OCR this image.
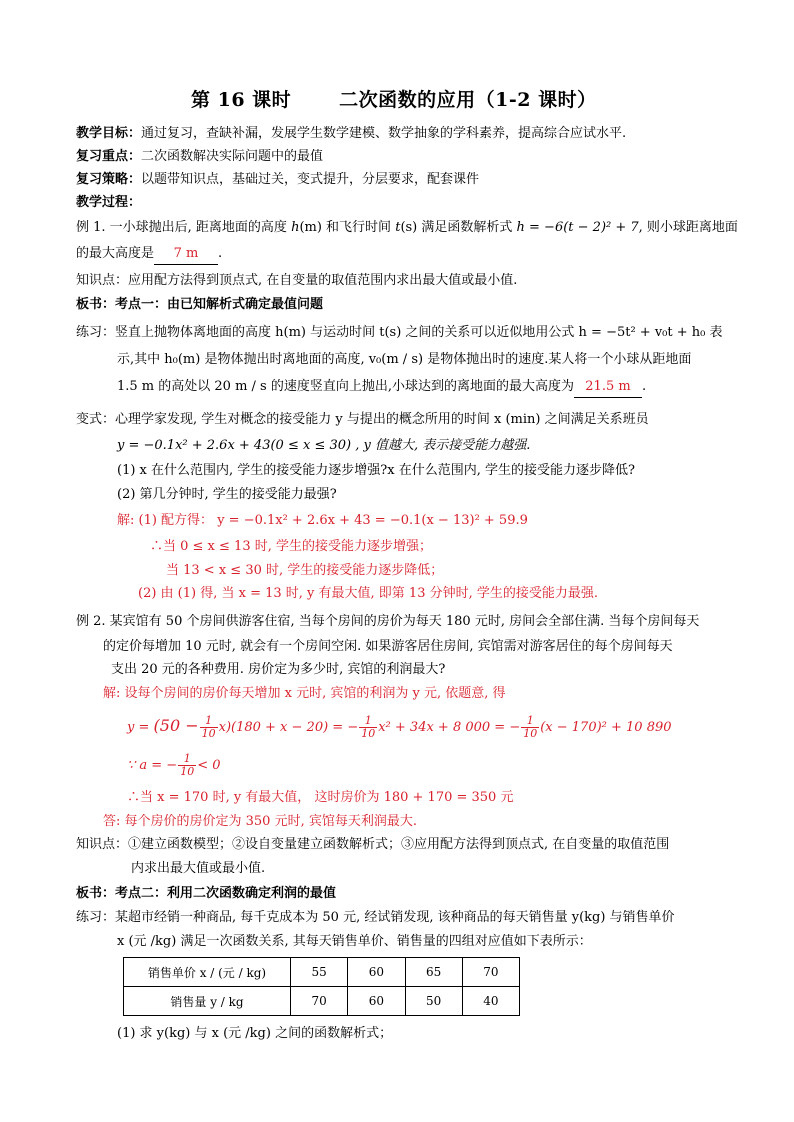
第 16 课时	二次函数的应用（1-2 课时）
教学目标：通过复习，查缺补漏，发展学生数学建模、数学抽象的学科素养，提高综合应试水平.
复习重点：二次函数解决实际问题中的最值
复习策略：以题带知识点，基础过关，变式提升，分层要求，配套课件
教学过程：
例 1. 一小球抛出后, 距离地面的高度 h(m) 和飞行时间 t(s) 满足函数解析式 h = −6(t − 2)² + 7, 则小球距离地面
的最大高度是 7 m .
知识点：应用配方法得到顶点式, 在自变量的取值范围内求出最大值或最小值.
板书：考点一：由已知解析式确定最值问题
练习：竖直上抛物体离地面的高度 h(m) 与运动时间 t(s) 之间的关系可以近似地用公式 h = −5t² + v₀t + h₀ 表
示,其中 h₀(m) 是物体抛出时离地面的高度, v₀(m / s) 是物体抛出时的速度.某人将一个小球从距地面
1.5 m 的高处以 20 m / s 的速度竖直向上抛出,小球达到的离地面的最大高度为 21.5 m .
变式：心理学家发现, 学生对概念的接受能力 y 与提出的概念所用的时间 x (min) 之间满足关系班员
y = −0.1x² + 2.6x + 43(0 ≤ x ≤ 30) , y 值越大, 表示接受能力越强.
(1) x 在什么范围内, 学生的接受能力逐步增强?x 在什么范围内, 学生的接受能力逐步降低?
(2) 第几分钟时, 学生的接受能力最强?
解: (1) 配方得： y = −0.1x² + 2.6x + 43 = −0.1(x − 13)² + 59.9
∴当 0 ≤ x ≤ 13 时, 学生的接受能力逐步增强；
当 13 < x ≤ 30 时, 学生的接受能力逐步降低；
(2) 由 (1) 得, 当 x = 13 时, y 有最大值, 即第 13 分钟时, 学生的接受能力最强.
例 2. 某宾馆有 50 个房间供游客住宿, 当每个房间的房价为每天 180 元时, 房间会全部住满. 当每个房间每天
的定价每增加 10 元时, 就会有一个房间空闲. 如果游客居住房间, 宾馆需对游客居住的每个房间每天
支出 20 元的各种费用. 房价定为多少时, 宾馆的利润最大?
解: 设每个房间的房价每天增加 x 元时, 宾馆的利润为 y 元, 依题意, 得
$y = (50 - \frac{1}{10} x)(180 + x - 20)$ = − $\frac{1}{10} x^2 + 34x + 8$ 000 = − $\frac{1}{10} (x - 170)^2 + 10$ 890
∵ a = − $\frac{1}{10} < 0$
∴当 x = 170 时, y 有最大值， 这时房价为 180 + 170 = 350 元
答: 每个房价的房价定为 350 元时, 宾馆每天利润最大.
知识点：①建立函数模型；②设自变量建立函数解析式；③应用配方法得到顶点式, 在自变量的取值范围
内求出最大值或最小值.
板书：考点二：利用二次函数确定利润的最值
练习：某超市经销一种商品, 每千克成本为 50 元, 经试销发现, 该种商品的每天销售量 y(kg) 与销售单价
x (元 /kg) 满足一次函数关系, 其每天销售单价、销售量的四组对应值如下表所示：
销售单价 x / (元 / kg)	55	60	65	70
销售量 y / kg	70	60	50	40
(1) 求 y(kg) 与 x (元 /kg) 之间的函数解析式；
